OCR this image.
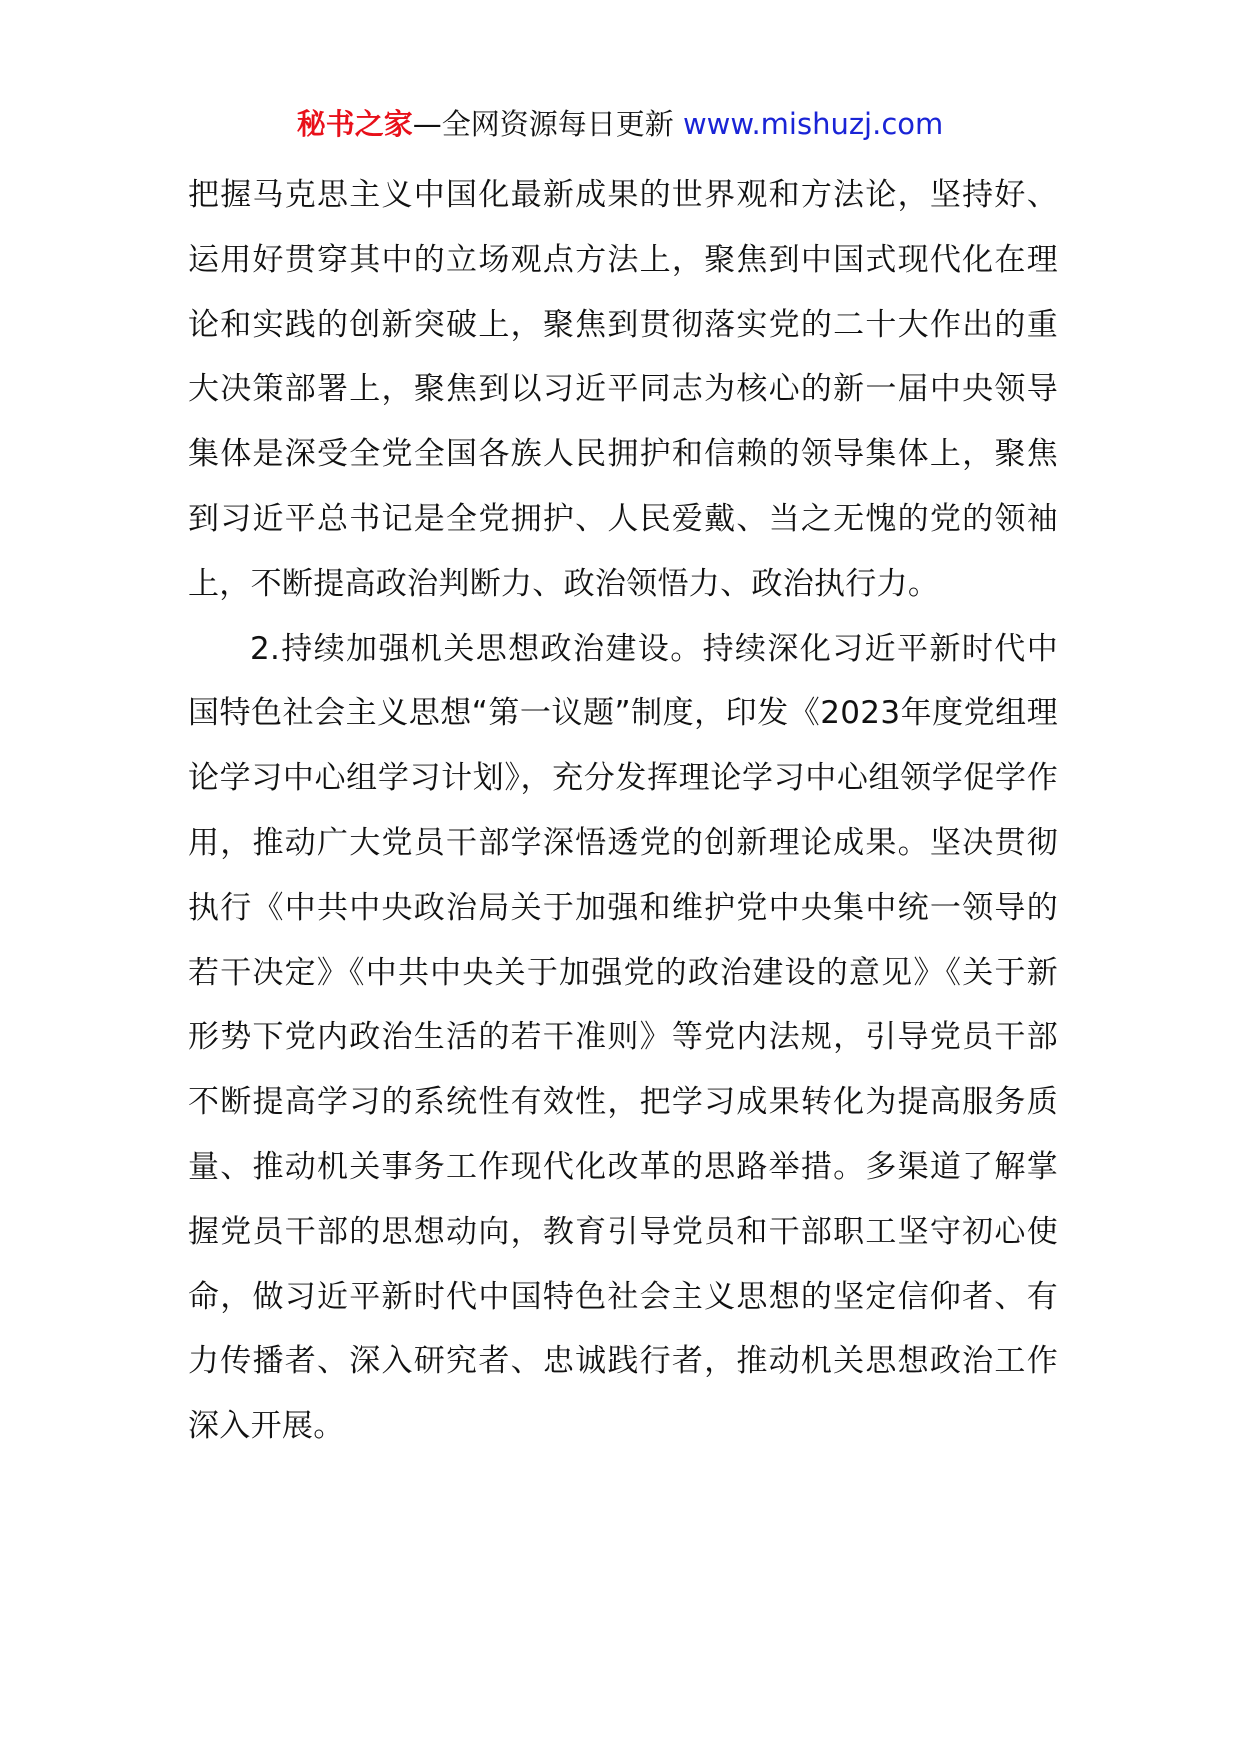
秘书之家—全网资源每日更新 www.mishuzj.com

把握马克思主义中国化最新成果的世界观和方法论，坚持好、运用好贯穿其中的立场观点方法上，聚焦到中国式现代化在理论和实践的创新突破上，聚焦到贯彻落实党的二十大作出的重大决策部署上，聚焦到以习近平同志为核心的新一届中央领导集体是深受全党全国各族人民拥护和信赖的领导集体上，聚焦到习近平总书记是全党拥护、人民爱戴、当之无愧的党的领袖上，不断提高政治判断力、政治领悟力、政治执行力。

2.持续加强机关思想政治建设。持续深化习近平新时代中国特色社会主义思想“第一议题”制度，印发《2023年度党组理论学习中心组学习计划》，充分发挥理论学习中心组领学促学作用，推动广大党员干部学深悟透党的创新理论成果。坚决贯彻执行《中共中央政治局关于加强和维护党中央集中统一领导的若干决定》《中共中央关于加强党的政治建设的意见》《关于新形势下党内政治生活的若干准则》等党内法规，引导党员干部不断提高学习的系统性有效性，把学习成果转化为提高服务质量、推动机关事务工作现代化改革的思路举措。多渠道了解掌握党员干部的思想动向，教育引导党员和干部职工坚守初心使命，做习近平新时代中国特色社会主义思想的坚定信仰者、有力传播者、深入研究者、忠诚践行者，推动机关思想政治工作深入开展。
